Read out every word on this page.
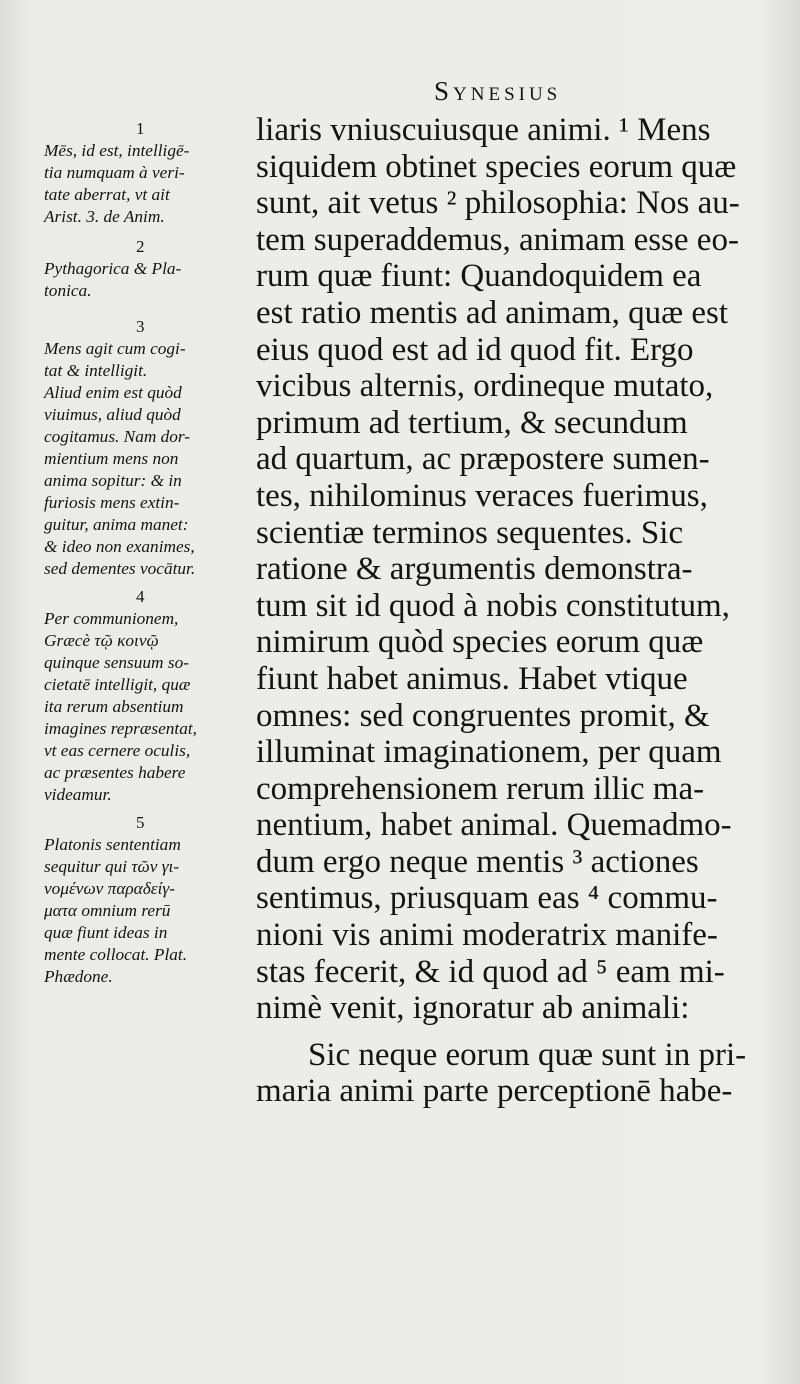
Synesius
1
Mēs, id est, intelligē-
tia numquam à veri-
tate aberrat, vt ait
Arist. 3. de Anim.
2
Pythagorica & Pla-
tonica.
3
Mens agit cum cogi-
tat & intelligit.
Aliud enim est quòd
viuimus, aliud quòd
cogitamus. Nam dor-
mientium mens non
anima sopitur: & in
furiosis mens extin-
guitur, anima manet:
& ideo non exanimes,
sed dementes vocātur.
4
Per communionem,
Græcè τῷ κοινῷ
quinque sensuum so-
cietatē intelligit, quæ
ita rerum absentium
imagines repræsentat,
vt eas cernere oculis,
ac præsentes habere
videamur.
5
Platonis sententiam
sequitur qui τῶν γι-
νομένων παραδείγ-
ματα omnium rerū
quæ fiunt ideas in
mente collocat. Plat.
Phædone.
liaris vniuscuiusque animi. ¹ Mens
siquidem obtinet species eorum quæ
sunt, ait vetus ² philosophia: Nos au-
tem superaddemus, animam esse eo-
rum quæ fiunt: Quandoquidem ea
est ratio mentis ad animam, quæ est
eius quod est ad id quod fit. Ergo
vicibus alternis, ordineque mutato,
primum ad tertium, & secundum
ad quartum, ac præpostere sumen-
tes, nihilominus veraces fuerimus,
scientiæ terminos sequentes. Sic
ratione & argumentis demonstra-
tum sit id quod à nobis constitutum,
nimirum quòd species eorum quæ
fiunt habet animus. Habet vtique
omnes: sed congruentes promit, &
illuminat imaginationem, per quam
comprehensionem rerum illic ma-
nentium, habet animal. Quemadmo-
dum ergo neque mentis ³ actiones
sentimus, priusquam eas ⁴ commu-
nioni vis animi moderatrix manife-
stas fecerit, & id quod ad ⁵ eam mi-
nimè venit, ignoratur ab animali:
Sic neque eorum quæ sunt in pri-
maria animi parte perceptionē habe-
